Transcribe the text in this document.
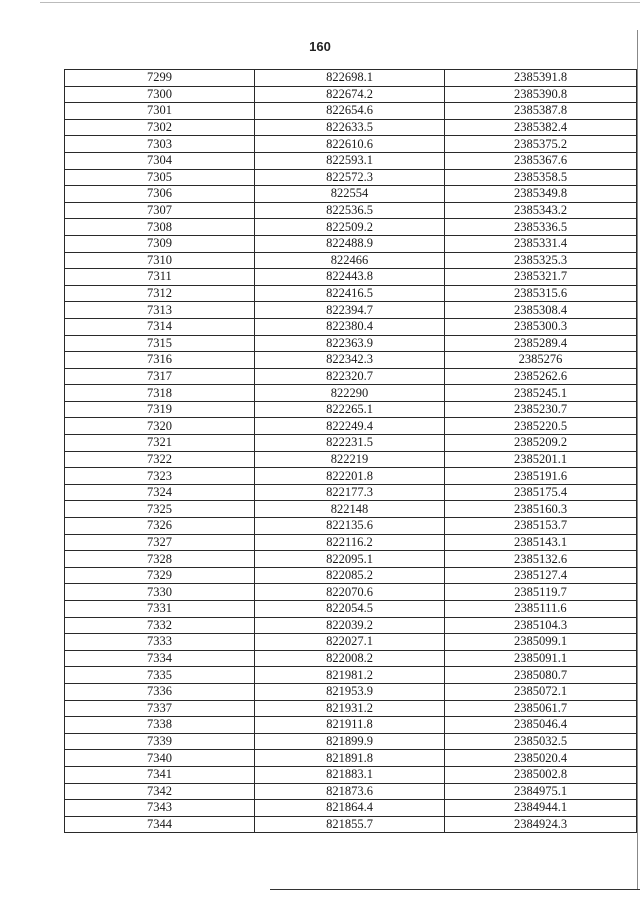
160
7299	822698.1	2385391.8
7300	822674.2	2385390.8
7301	822654.6	2385387.8
7302	822633.5	2385382.4
7303	822610.6	2385375.2
7304	822593.1	2385367.6
7305	822572.3	2385358.5
7306	822554	2385349.8
7307	822536.5	2385343.2
7308	822509.2	2385336.5
7309	822488.9	2385331.4
7310	822466	2385325.3
7311	822443.8	2385321.7
7312	822416.5	2385315.6
7313	822394.7	2385308.4
7314	822380.4	2385300.3
7315	822363.9	2385289.4
7316	822342.3	2385276
7317	822320.7	2385262.6
7318	822290	2385245.1
7319	822265.1	2385230.7
7320	822249.4	2385220.5
7321	822231.5	2385209.2
7322	822219	2385201.1
7323	822201.8	2385191.6
7324	822177.3	2385175.4
7325	822148	2385160.3
7326	822135.6	2385153.7
7327	822116.2	2385143.1
7328	822095.1	2385132.6
7329	822085.2	2385127.4
7330	822070.6	2385119.7
7331	822054.5	2385111.6
7332	822039.2	2385104.3
7333	822027.1	2385099.1
7334	822008.2	2385091.1
7335	821981.2	2385080.7
7336	821953.9	2385072.1
7337	821931.2	2385061.7
7338	821911.8	2385046.4
7339	821899.9	2385032.5
7340	821891.8	2385020.4
7341	821883.1	2385002.8
7342	821873.6	2384975.1
7343	821864.4	2384944.1
7344	821855.7	2384924.3
